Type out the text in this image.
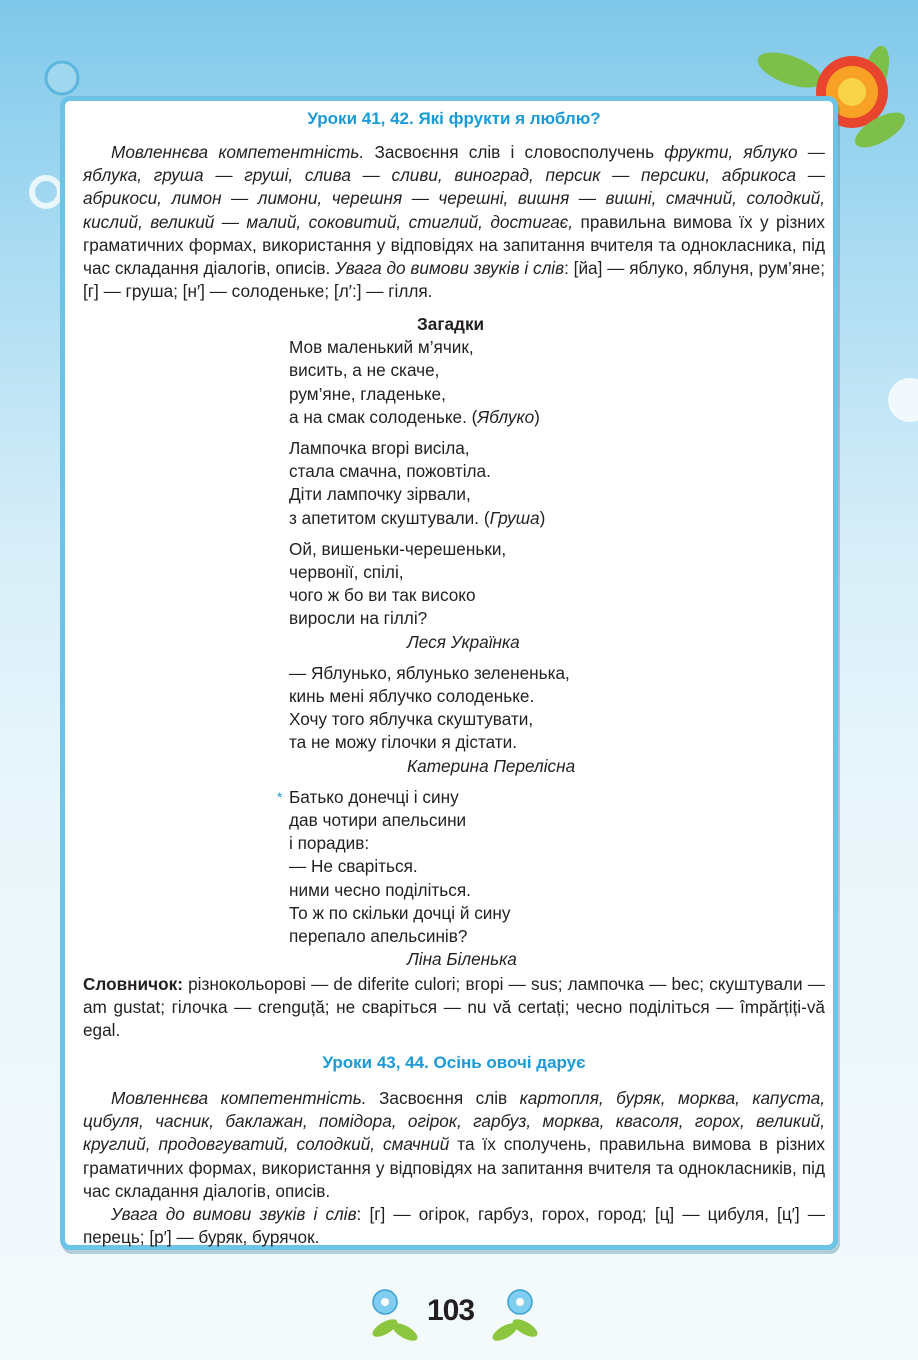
Уроки 41, 42. Які фрукти я люблю?
Мовленнєва компетентність. Засвоєння слів і словосполучень фрукти, яблуко — яблука, груша — груші, слива — сливи, виноград, персик — персики, абрикоса — абрикоси, лимон — лимони, черешня — черешні, вишня — вишні, смачний, солодкий, кислий, великий — малий, соковитий, стиглий, достигає, правильна вимова їх у різних граматичних формах, використання у відповідях на запитання вчителя та однокласника, під час складання діалогів, описів. Увага до вимови звуків і слів: [йа] — яблуко, яблуня, рум’яне; [г] — груша; [н′] — солоденьке; [л′:] — гілля.
Загадки
Мов маленький м’ячик,
висить, а не скаче,
рум’яне, гладеньке,
а на смак солоденьке. (Яблуко)
Лампочка вгорі висіла,
стала смачна, пожовтіла.
Діти лампочку зірвали,
з апетитом скуштували. (Груша)
Ой, вишеньки-черешеньки,
червонії, спілі,
чого ж бо ви так високо
виросли на гіллі?
Леся Українка
— Яблунько, яблунько зелененька,
кинь мені яблучко солоденьке.
Хочу того яблучка скуштувати,
та не можу гілочки я дістати.
Катерина Перелісна
* Батько донечці і сину
дав чотири апельсини
і порадив:
— Не сваріться.
ними чесно поділіться.
То ж по скільки дочці й сину
перепало апельсинів?
Ліна Біленька
Словничок: різнокольорові — de diferite culori; вгорі — sus; лампочка — bec; скуштували — am gustat; гілочка — crenguță; не сваріться — nu vă certați; чесно поділіться — împărțiți-vă egal.
Уроки 43, 44. Осінь овочі дарує
Мовленнєва компетентність. Засвоєння слів картопля, буряк, морква, капуста, цибуля, часник, баклажан, помідора, огірок, гарбуз, морква, квасоля, горох, великий, круглий, продовгуватий, солодкий, смачний та їх сполучень, правильна вимова в різних граматичних формах, використання у відповідях на запитання вчителя та однокласників, під час складання діалогів, описів.
Увага до вимови звуків і слів: [г] — огірок, гарбуз, горох, город; [ц] — цибуля, [ц′] — перець; [р′] — буряк, бурячок.
103
